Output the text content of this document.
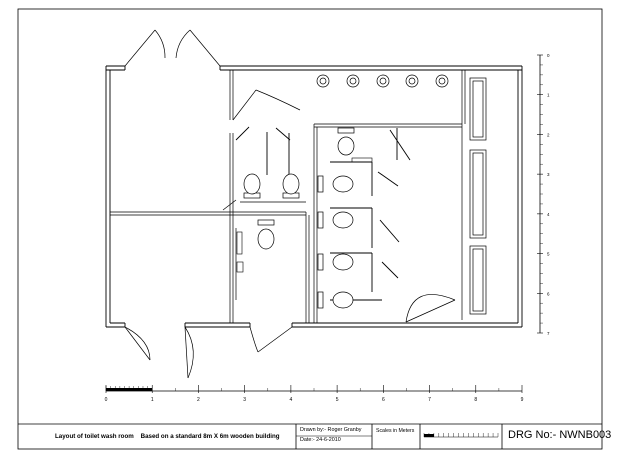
0	1	2	3	4	5	6	7	8	9
0
1
2
3
4
5
6
7
Layout of toilet wash room Based on a standard 8m X 6m wooden building
Drawn by:- Roger Granby
Date:- 24-6-2010
Scales in Meters	DRG No:- NWNB003
